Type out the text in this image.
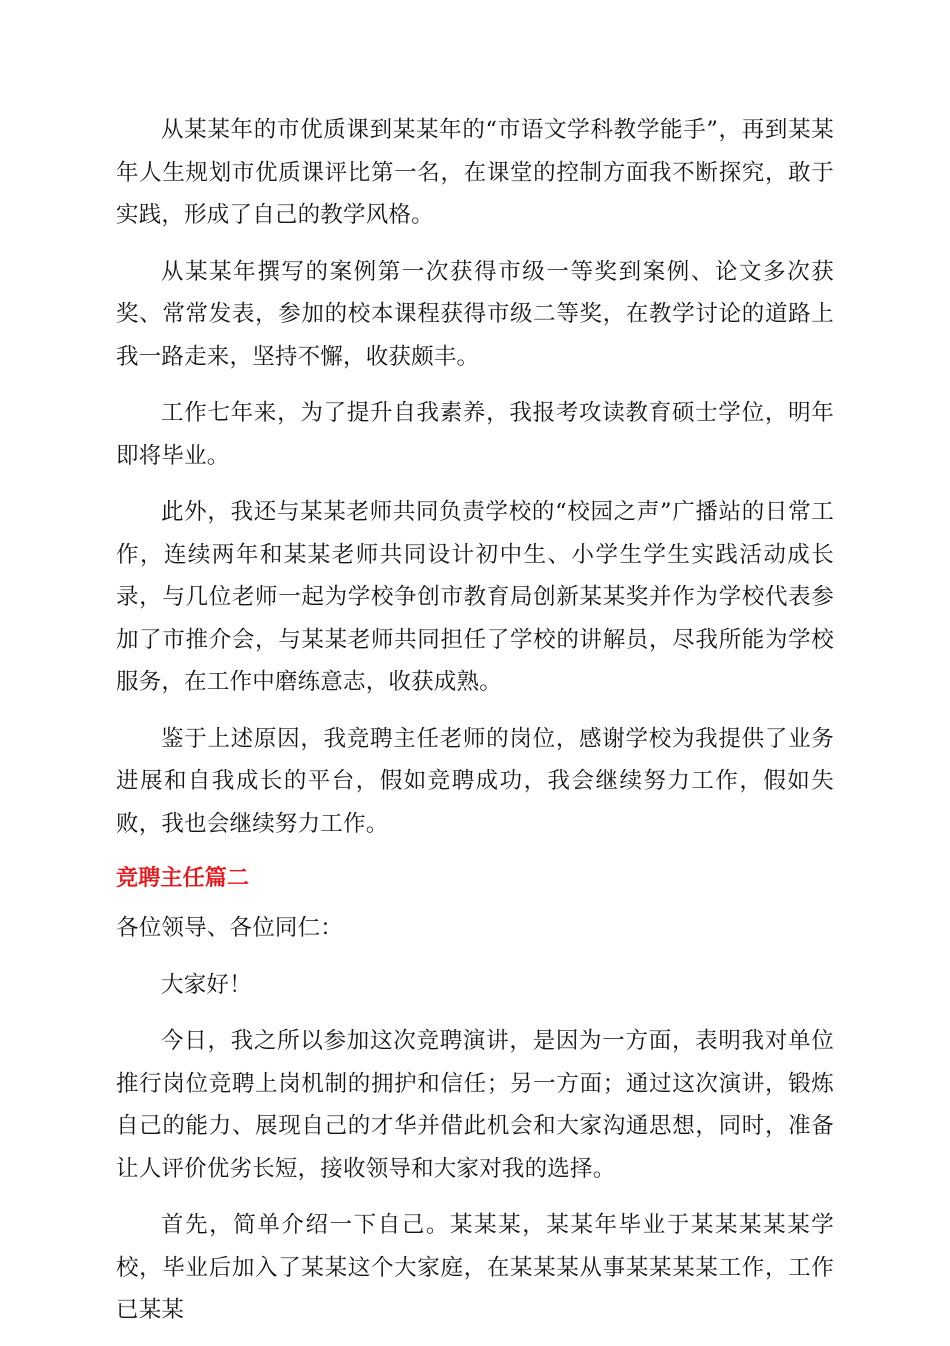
从某某年的市优质课到某某年的“市语文学科教学能手”，再到某某年人生规划市优质课评比第一名，在课堂的控制方面我不断探究，敢于实践，形成了自己的教学风格。

从某某年撰写的案例第一次获得市级一等奖到案例、论文多次获奖、常常发表，参加的校本课程获得市级二等奖，在教学讨论的道路上我一路走来，坚持不懈，收获颇丰。

工作七年来，为了提升自我素养，我报考攻读教育硕士学位，明年即将毕业。

此外，我还与某某老师共同负责学校的“校园之声”广播站的日常工作，连续两年和某某老师共同设计初中生、小学生学生实践活动成长录，与几位老师一起为学校争创市教育局创新某某奖并作为学校代表参加了市推介会，与某某老师共同担任了学校的讲解员，尽我所能为学校服务，在工作中磨练意志，收获成熟。

鉴于上述原因，我竞聘主任老师的岗位，感谢学校为我提供了业务进展和自我成长的平台，假如竞聘成功，我会继续努力工作，假如失败，我也会继续努力工作。

竞聘主任篇二

各位领导、各位同仁：

大家好！

今日，我之所以参加这次竞聘演讲，是因为一方面，表明我对单位推行岗位竞聘上岗机制的拥护和信任；另一方面；通过这次演讲，锻炼自己的能力、展现自己的才华并借此机会和大家沟通思想，同时，准备让人评价优劣长短，接收领导和大家对我的选择。

首先，简单介绍一下自己。某某某，某某年毕业于某某某某某学校，毕业后加入了某某这个大家庭，在某某某从事某某某某工作，工作已某某
